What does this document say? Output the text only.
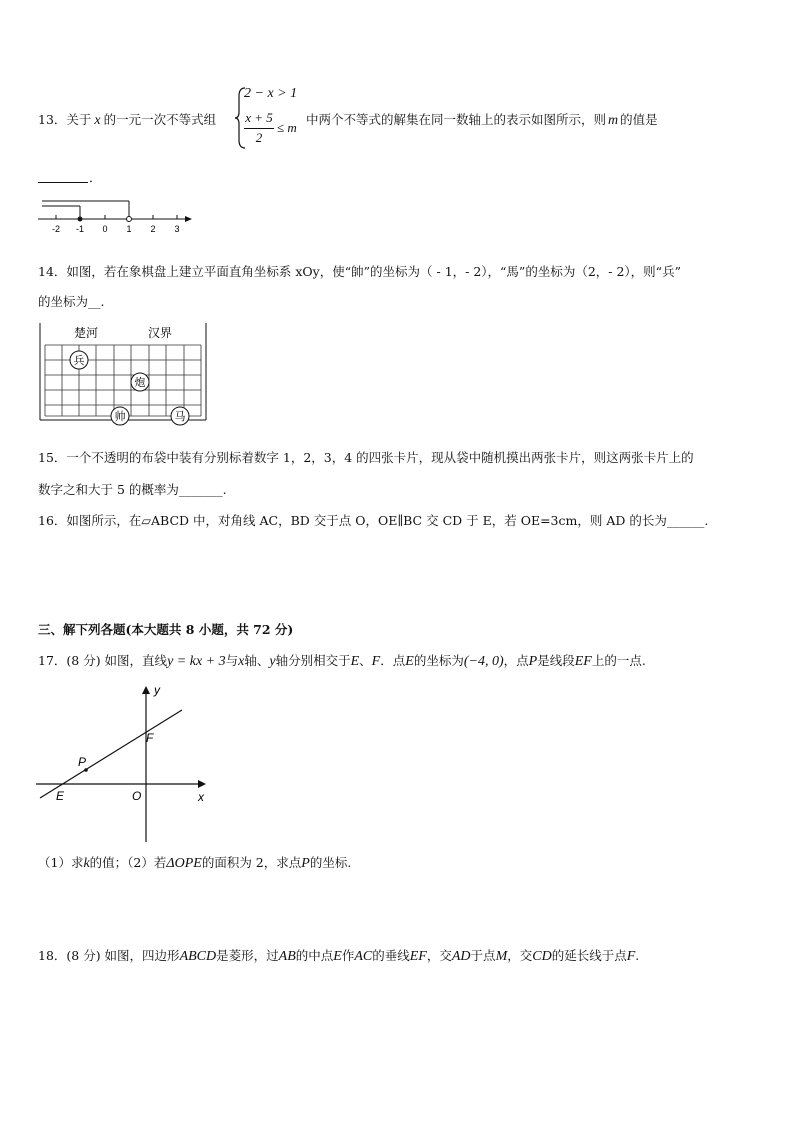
13．关于 x 的一元一次不等式组
2 − x > 1
x + 5
2
≤ m
中两个不等式的解集在同一数轴上的表示如图所示，则 m 的值是
．
-2 -1 0 1 2 3
14．如图，若在象棋盘上建立平面直角坐标系 xOy，使“帥”的坐标为（ - 1，- 2），“馬”的坐标为（2，- 2），则“兵”
的坐标为__.
楚河	汉界
兵
炮
帅	马
15．一个不透明的布袋中装有分别标着数字 1，2，3，4 的四张卡片，现从袋中随机摸出两张卡片，则这两张卡片上的
数字之和大于 5 的概率为_______.
16．如图所示，在▱ABCD 中，对角线 AC，BD 交于点 O，OE∥BC 交 CD 于 E，若 OE=3cm，则 AD 的长为______.
三、解下列各题(本大题共 8 小题，共 72 分)
17．(8 分) 如图，直线y = kx + 3与x轴、y轴分别相交于E、F．点E的坐标为(−4, 0)，点P是线段EF上的一点.
y
x
F
P
E	O
（1）求k的值；（2）若ΔOPE的面积为 2，求点P的坐标.
18．(8 分) 如图，四边形ABCD是菱形，过AB的中点E作AC的垂线EF，交AD于点M，交CD的延长线于点F.
